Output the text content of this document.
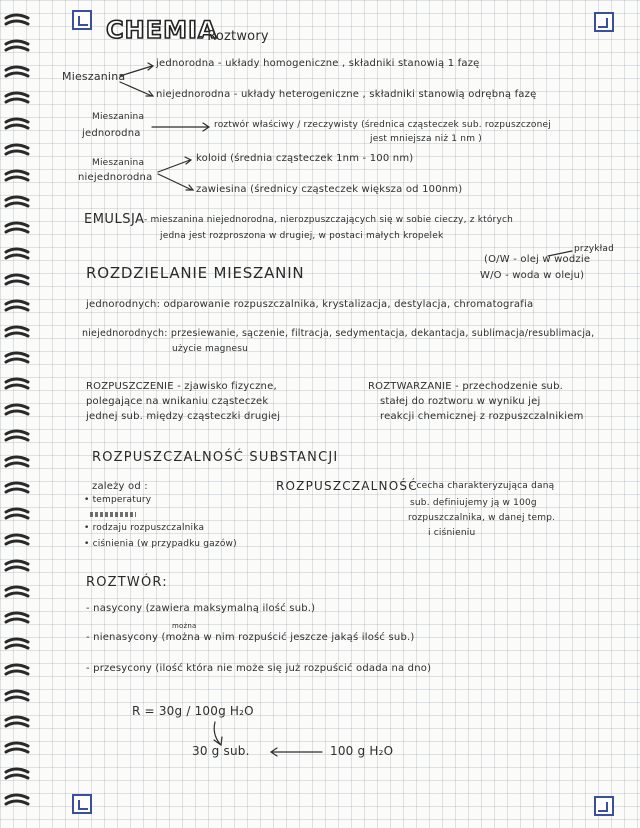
CHEMIA
- Roztwory
Mieszanina
jednorodna - układy homogeniczne , składniki stanowią 1 fazę
niejednorodna - układy heterogeniczne , składniki stanowią odrębną fazę
Mieszanina
jednorodna
roztwór właściwy / rzeczywisty (średnica cząsteczek sub. rozpuszczonej
jest mniejsza niż 1 nm )
Mieszanina
niejednorodna
koloid (średnia cząsteczek 1nm - 100 nm)
zawiesina (średnicy cząsteczek większa od 100nm)
EMULSJA - mieszanina niejednorodna, nierozpuszczających się w sobie cieczy, z których
jedna jest rozproszona w drugiej, w postaci małych kropelek
przykład
(O/W - olej w wodzie
W/O - woda w oleju)
ROZDZIELANIE MIESZANIN
jednorodnych: odparowanie rozpuszczalnika, krystalizacja, destylacja, chromatografia
niejednorodnych: przesiewanie, sączenie, filtracja, sedymentacja, dekantacja, sublimacja/resublimacja,
użycie magnesu
ROZPUSZCZENIE - zjawisko fizyczne,
polegające na wnikaniu cząsteczek
jednej sub. między cząsteczki drugiej
ROZTWARZANIE - przechodzenie sub.
stałej do roztworu w wyniku jej
reakcji chemicznej z rozpuszczalnikiem
ROZPUSZCZALNOŚĆ SUBSTANCJI
zależy od :
• temperatury
• rodzaju rozpuszczalnika
• ciśnienia (w przypadku gazów)
ROZPUSZCZALNOŚĆ
- cecha charakteryzująca daną
sub. definiujemy ją w 100g
rozpuszczalnika, w danej temp.
i ciśnieniu
ROZTWÓR:
- nasycony (zawiera maksymalną ilość sub.)
można
- nienasycony (można w nim rozpuścić jeszcze jakąś ilość sub.)
- przesycony (ilość która nie może się już rozpuścić odada na dno)
R = 30g / 100g H₂O
30 g sub.	100 g H₂O
